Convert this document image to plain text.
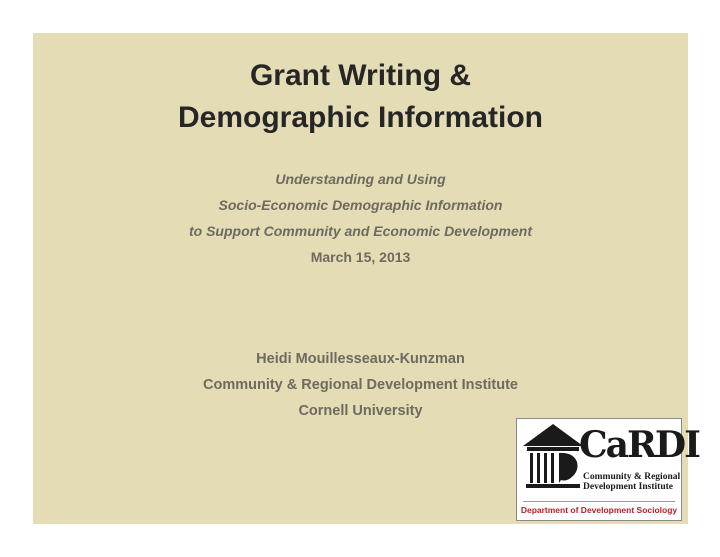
Grant Writing &
Demographic Information
Understanding and Using
Socio-Economic Demographic Information
to Support Community and Economic Development
March 15, 2013
Heidi Mouillesseaux-Kunzman
Community & Regional Development Institute
Cornell University
CaRDI
Community & Regional
Development Institute
Department of Development Sociology
